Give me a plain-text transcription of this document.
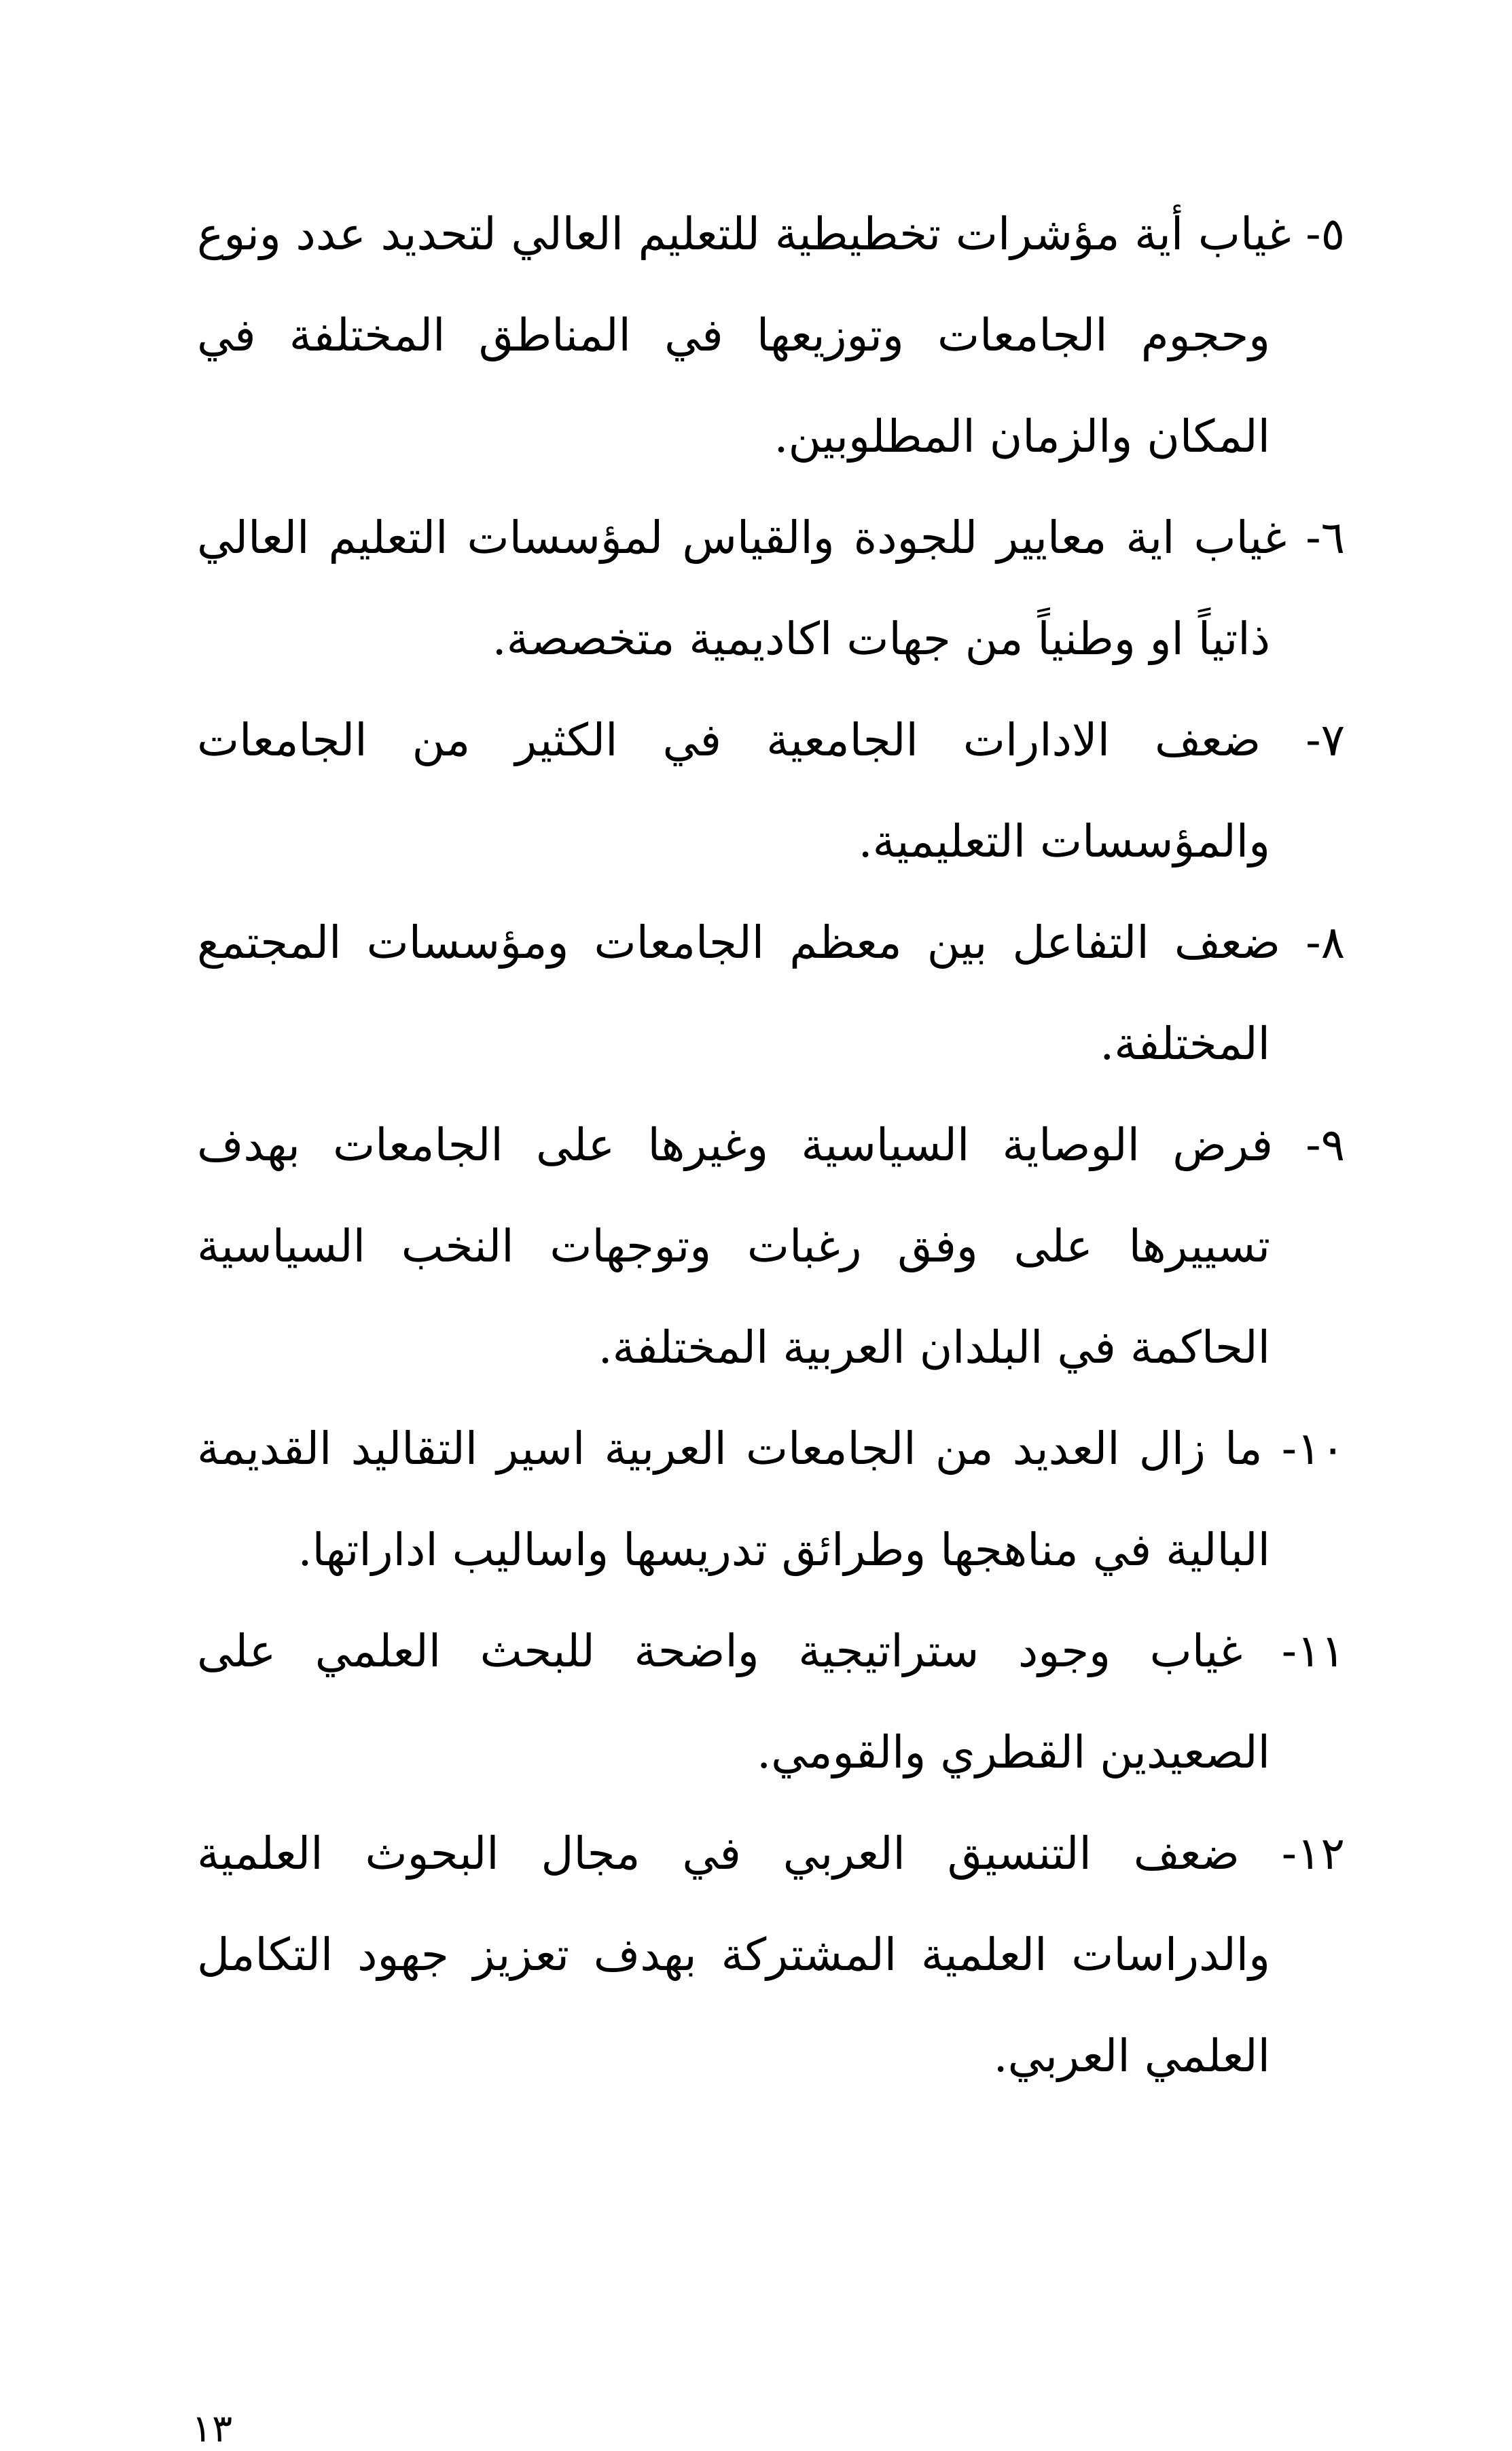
٥- غياب أية مؤشرات تخطيطية للتعليم العالي لتحديد عدد ونوع وحجوم الجامعات وتوزيعها في المناطق المختلفة في المكان والزمان المطلوبين.

٦- غياب اية معايير للجودة والقياس لمؤسسات التعليم العالي ذاتياً او وطنياً من جهات اكاديمية متخصصة.

٧- ضعف الادارات الجامعية في الكثير من الجامعات والمؤسسات التعليمية.

٨- ضعف التفاعل بين معظم الجامعات ومؤسسات المجتمع المختلفة.

٩- فرض الوصاية السياسية وغيرها على الجامعات بهدف تسييرها على وفق رغبات وتوجهات النخب السياسية الحاكمة في البلدان العربية المختلفة.

١٠- ما زال العديد من الجامعات العربية اسير التقاليد القديمة البالية في مناهجها وطرائق تدريسها واساليب اداراتها.

١١- غياب وجود ستراتيجية واضحة للبحث العلمي على الصعيدين القطري والقومي.

١٢- ضعف التنسيق العربي في مجال البحوث العلمية والدراسات العلمية المشتركة بهدف تعزيز جهود التكامل العلمي العربي.

١٣
